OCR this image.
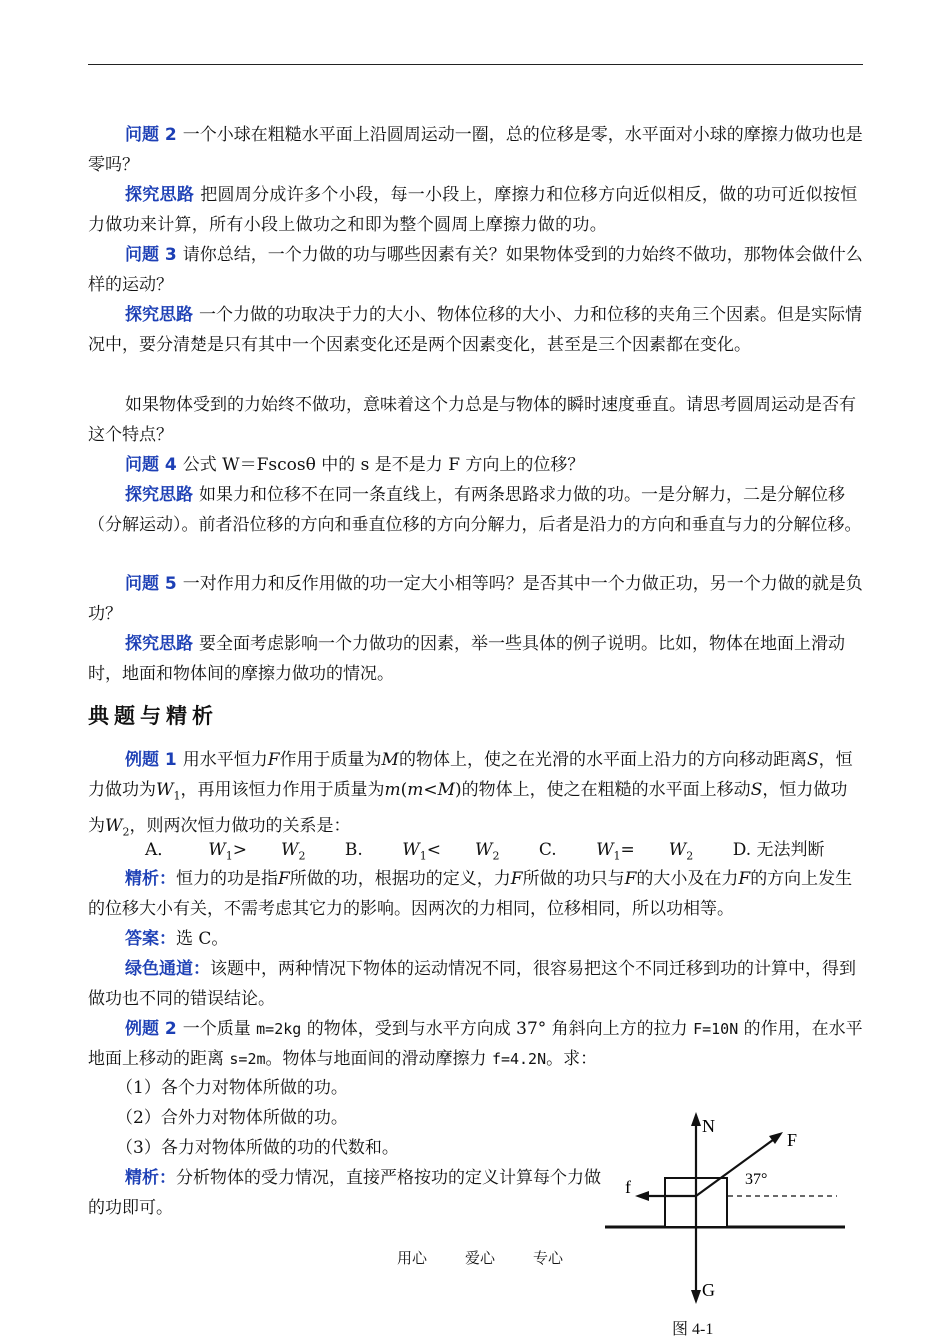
问题 2 一个小球在粗糙水平面上沿圆周运动一圈，总的位移是零，水平面对小球的摩擦力做功也是零吗？

探究思路 把圆周分成许多个小段，每一小段上，摩擦力和位移方向近似相反，做的功可近似按恒力做功来计算，所有小段上做功之和即为整个圆周上摩擦力做的功。

问题 3 请你总结，一个力做的功与哪些因素有关？如果物体受到的力始终不做功，那物体会做什么样的运动？

探究思路 一个力做的功取决于力的大小、物体位移的大小、力和位移的夹角三个因素。但是实际情况中，要分清楚是只有其中一个因素变化还是两个因素变化，甚至是三个因素都在变化。

如果物体受到的力始终不做功，意味着这个力总是与物体的瞬时速度垂直。请思考圆周运动是否有这个特点？

问题 4 公式 W＝Fscosθ 中的 s 是不是力 F 方向上的位移？

探究思路 如果力和位移不在同一条直线上，有两条思路求力做的功。一是分解力，二是分解位移（分解运动）。前者沿位移的方向和垂直位移的方向分解力，后者是沿力的方向和垂直与力的分解位移。

问题 5 一对作用力和反作用做的功一定大小相等吗？是否其中一个力做正功，另一个力做的就是负功？

探究思路 要全面考虑影响一个力做功的因素，举一些具体的例子说明。比如，物体在地面上滑动时，地面和物体间的摩擦力做功的情况。

典题与精析

例题 1 用水平恒力F作用于质量为M的物体上，使之在光滑的水平面上沿力的方向移动距离S，恒力做功为$W_1$，再用该恒力作用于质量为m(m<M)的物体上，使之在粗糙的水平面上移动S，恒力做功为$W_2$，则两次恒力做功的关系是：

A． $W_1> W_2$ B. $W_1< W_2$ C. $W_1= W_2$ D. 无法判断

精析：恒力的功是指F所做的功，根据功的定义，力F所做的功只与F的大小及在力F的方向上发生的位移大小有关，不需考虑其它力的影响。因两次的力相同，位移相同，所以功相等。

答案：选 C。

绿色通道：该题中，两种情况下物体的运动情况不同，很容易把这个不同迁移到功的计算中，得到做功也不同的错误结论。

例题 2 一个质量 m=2kg 的物体，受到与水平方向成 37° 角斜向上方的拉力 F=10N 的作用，在水平地面上移动的距离 s=2m。物体与地面间的滑动摩擦力 f=4.2N。求：

（1）各个力对物体所做的功。

（2）合外力对物体所做的功。

（3）各力对物体所做的功的代数和。

精析：分析物体的受力情况，直接严格按功的定义计算每个力做的功即可。

用心	爱心	专心
N
F
f
G
37°
图 4-1
